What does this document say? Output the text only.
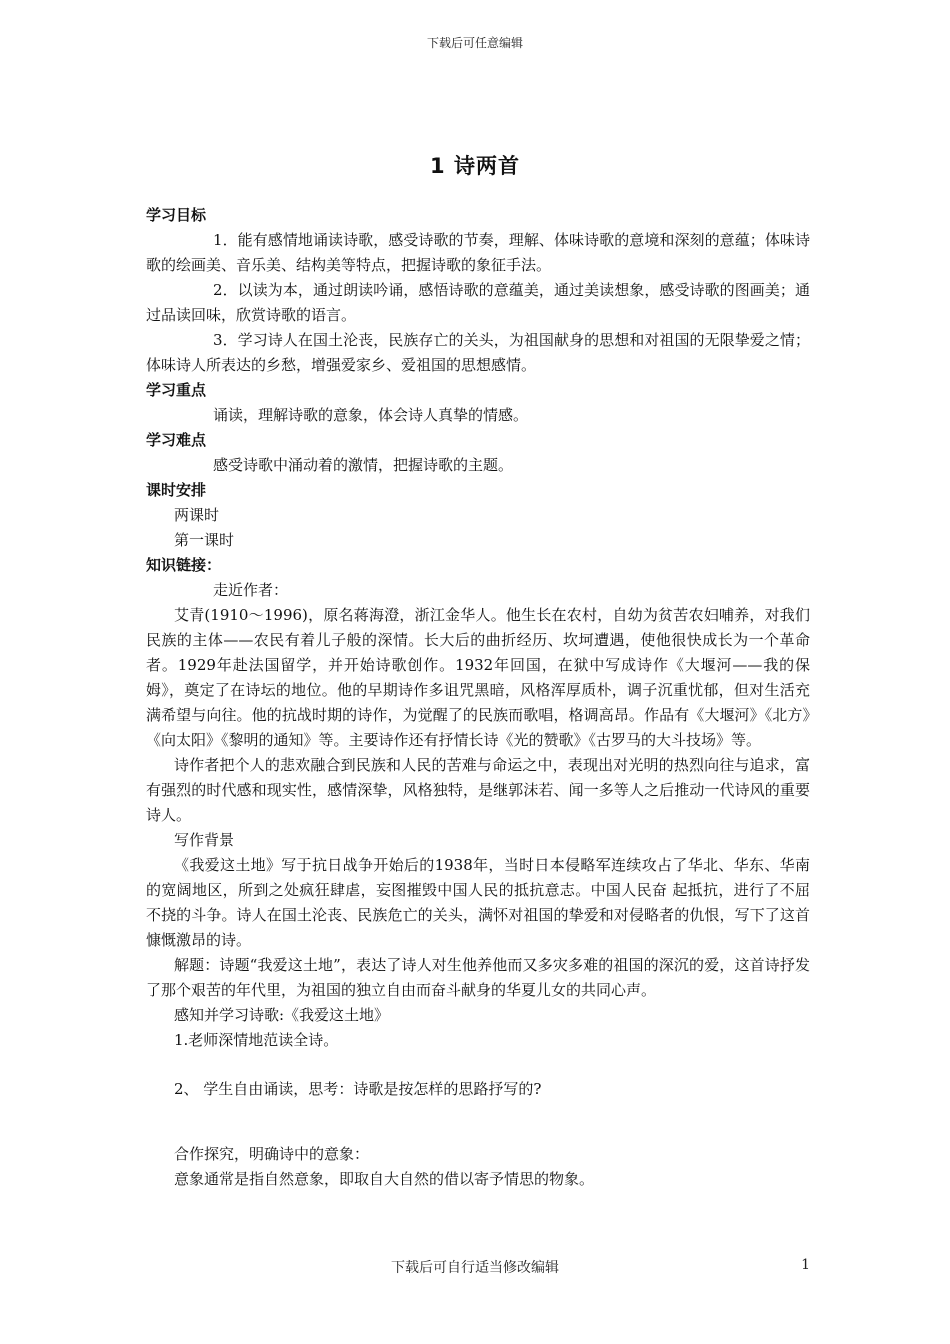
下载后可任意编辑
1 诗两首
学习目标
1．能有感情地诵读诗歌，感受诗歌的节奏，理解、体味诗歌的意境和深刻的意蕴；体味诗歌的绘画美、音乐美、结构美等特点，把握诗歌的象征手法。
2．以读为本，通过朗读吟诵，感悟诗歌的意蕴美，通过美读想象，感受诗歌的图画美；通过品读回味，欣赏诗歌的语言。
3．学习诗人在国土沦丧，民族存亡的关头，为祖国献身的思想和对祖国的无限挚爱之情；体味诗人所表达的乡愁，增强爱家乡、爱祖国的思想感情。
学习重点
诵读，理解诗歌的意象，体会诗人真挚的情感。
学习难点
感受诗歌中涌动着的激情，把握诗歌的主题。
课时安排
两课时
第一课时
知识链接：
走近作者：
艾青(1910～1996)，原名蒋海澄，浙江金华人。他生长在农村，自幼为贫苦农妇哺养，对我们民族的主体——农民有着儿子般的深情。长大后的曲折经历、坎坷遭遇，使他很快成长为一个革命者。1929年赴法国留学，并开始诗歌创作。1932年回国，在狱中写成诗作《大堰河——我的保姆》，奠定了在诗坛的地位。他的早期诗作多诅咒黑暗，风格浑厚质朴，调子沉重忧郁，但对生活充满希望与向往。他的抗战时期的诗作，为觉醒了的民族而歌唱，格调高昂。作品有《大堰河》《北方》《向太阳》《黎明的通知》等。主要诗作还有抒情长诗《光的赞歌》《古罗马的大斗技场》等。
诗作者把个人的悲欢融合到民族和人民的苦难与命运之中，表现出对光明的热烈向往与追求，富有强烈的时代感和现实性，感情深挚，风格独特，是继郭沫若、闻一多等人之后推动一代诗风的重要诗人。
写作背景
《我爱这土地》写于抗日战争开始后的1938年，当时日本侵略军连续攻占了华北、华东、华南的宽阔地区，所到之处疯狂肆虐，妄图摧毁中国人民的抵抗意志。中国人民奋 起抵抗，进行了不屈不挠的斗争。诗人在国土沦丧、民族危亡的关头，满怀对祖国的挚爱和对侵略者的仇恨，写下了这首慷慨激昂的诗。
解题：诗题“我爱这土地”，表达了诗人对生他养他而又多灾多难的祖国的深沉的爱，这首诗抒发了那个艰苦的年代里，为祖国的独立自由而奋斗献身的华夏儿女的共同心声。
感知并学习诗歌:《我爱这土地》
1.老师深情地范读全诗。
2、 学生自由诵读，思考：诗歌是按怎样的思路抒写的?
合作探究，明确诗中的意象：
意象通常是指自然意象，即取自大自然的借以寄予情思的物象。
下载后可自行适当修改编辑	1
